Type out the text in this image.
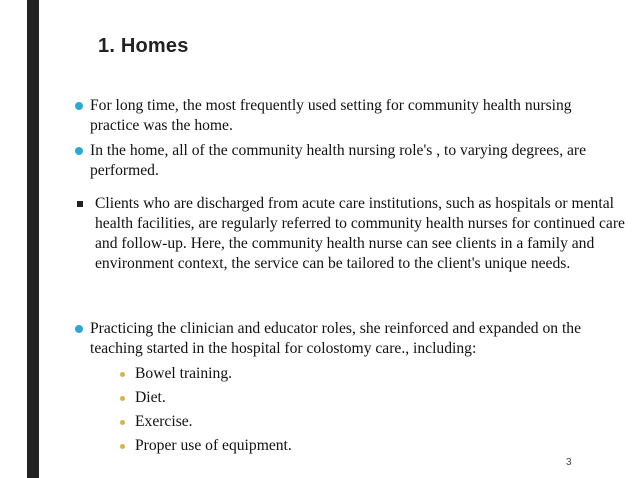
1. Homes
For long time, the most frequently used setting for community health nursing practice was the home.
In the home, all of the community health nursing role's , to varying degrees, are performed.
Clients who are discharged from acute care institutions, such as hospitals or mental health facilities, are regularly referred to community health nurses for continued care and follow-up. Here, the community health nurse can see clients in a family and environment context, the service can be tailored to the client's unique needs.
Practicing the clinician and educator roles, she reinforced and expanded on the teaching started in the hospital for colostomy care., including:
Bowel training.
Diet.
Exercise.
Proper use of equipment.
3
